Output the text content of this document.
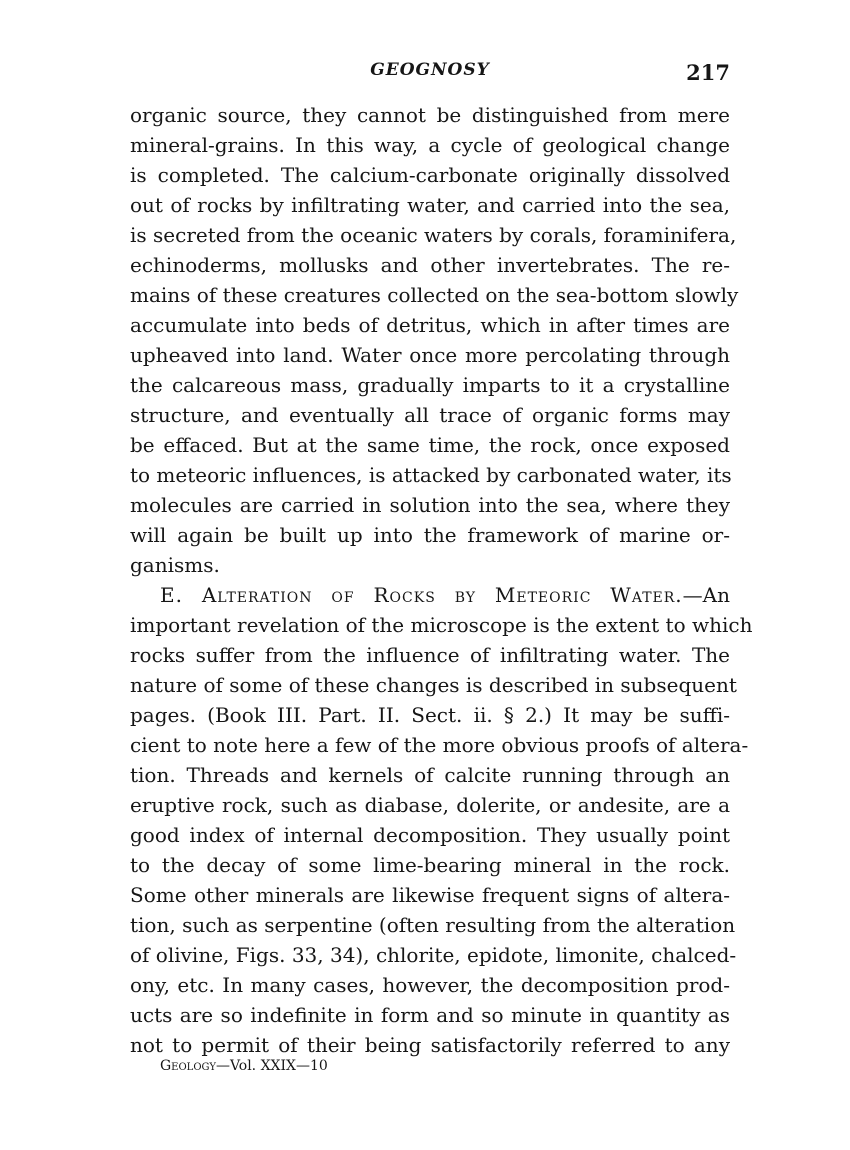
GEOGNOSY	217
organic source, they cannot be distinguished from mere
mineral-grains. In this way, a cycle of geological change
is completed. The calcium-carbonate originally dissolved
out of rocks by infiltrating water, and carried into the sea,
is secreted from the oceanic waters by corals, foraminifera,
echinoderms, mollusks and other invertebrates. The re-
mains of these creatures collected on the sea-bottom slowly
accumulate into beds of detritus, which in after times are
upheaved into land. Water once more percolating through
the calcareous mass, gradually imparts to it a crystalline
structure, and eventually all trace of organic forms may
be effaced. But at the same time, the rock, once exposed
to meteoric influences, is attacked by carbonated water, its
molecules are carried in solution into the sea, where they
will again be built up into the framework of marine or-
ganisms.
E. Alteration of Rocks by Meteoric Water.—An
important revelation of the microscope is the extent to which
rocks suffer from the influence of infiltrating water. The
nature of some of these changes is described in subsequent
pages. (Book III. Part. II. Sect. ii. § 2.) It may be suffi-
cient to note here a few of the more obvious proofs of altera-
tion. Threads and kernels of calcite running through an
eruptive rock, such as diabase, dolerite, or andesite, are a
good index of internal decomposition. They usually point
to the decay of some lime-bearing mineral in the rock.
Some other minerals are likewise frequent signs of altera-
tion, such as serpentine (often resulting from the alteration
of olivine, Figs. 33, 34), chlorite, epidote, limonite, chalced-
ony, etc. In many cases, however, the decomposition prod-
ucts are so indefinite in form and so minute in quantity as
not to permit of their being satisfactorily referred to any
Geology—Vol. XXIX—10
